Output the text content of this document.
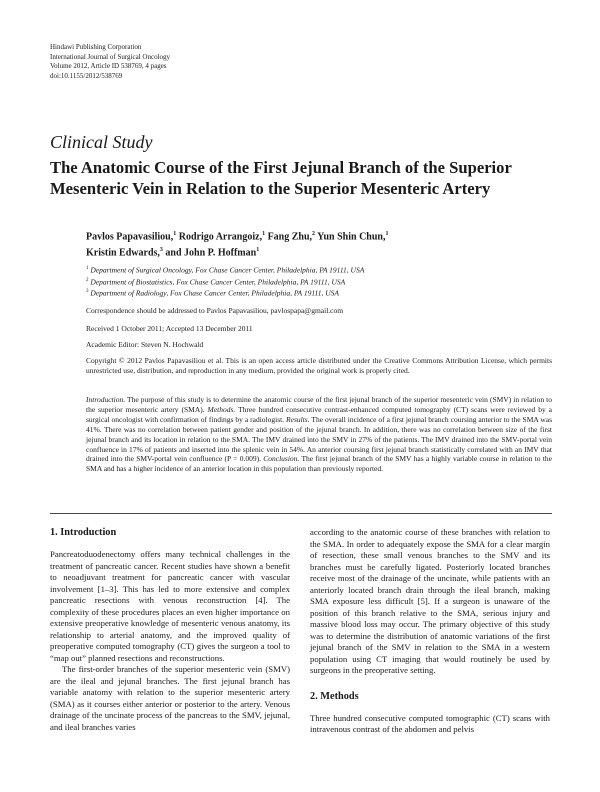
Hindawi Publishing Corporation
International Journal of Surgical Oncology
Volume 2012, Article ID 538769, 4 pages
doi:10.1155/2012/538769
Clinical Study
The Anatomic Course of the First Jejunal Branch of the Superior Mesenteric Vein in Relation to the Superior Mesenteric Artery
Pavlos Papavasiliou,$^1$ Rodrigo Arrangoiz,$^1$ Fang Zhu,$^2$ Yun Shin Chun,$^1$
Kristin Edwards,$^3$ and John P. Hoffman$^1$
$^1$ Department of Surgical Oncology, Fox Chase Cancer Center, Philadelphia, PA 19111, USA
$^2$ Department of Biostatistics, Fox Chase Cancer Center, Philadelphia, PA 19111, USA
$^3$ Department of Radiology, Fox Chase Cancer Center, Philadelphia, PA 19111, USA
Correspondence should be addressed to Pavlos Papavasiliou, pavlospapa@gmail.com
Received 1 October 2011; Accepted 13 December 2011
Academic Editor: Steven N. Hochwald
Copyright © 2012 Pavlos Papavasiliou et al. This is an open access article distributed under the Creative Commons Attribution License, which permits unrestricted use, distribution, and reproduction in any medium, provided the original work is properly cited.
Introduction. The purpose of this study is to determine the anatomic course of the first jejunal branch of the superior mesenteric vein (SMV) in relation to the superior mesenteric artery (SMA). Methods. Three hundred consecutive contrast-enhanced computed tomography (CT) scans were reviewed by a surgical oncologist with confirmation of findings by a radiologist. Results. The overall incidence of a first jejunal branch coursing anterior to the SMA was 41%. There was no correlation between patient gender and position of the jejunal branch. In addition, there was no correlation between size of the first jejunal branch and its location in relation to the SMA. The IMV drained into the SMV in 27% of the patients. The IMV drained into the SMV-portal vein confluence in 17% of patients and inserted into the splenic vein in 54%. An anterior coursing first jejunal branch statistically correlated with an IMV that drained into the SMV-portal vein confluence (P = 0.009). Conclusion. The first jejunal branch of the SMV has a highly variable course in relation to the SMA and has a higher incidence of an anterior location in this population than previously reported.
1. Introduction

Pancreatoduodenectomy offers many technical challenges in the treatment of pancreatic cancer. Recent studies have shown a benefit to neoadjuvant treatment for pancreatic cancer with vascular involvement [1–3]. This has led to more extensive and complex pancreatic resections with venous reconstruction [4]. The complexity of these procedures places an even higher importance on extensive preoperative knowledge of mesenteric venous anatomy, its relationship to arterial anatomy, and the improved quality of preoperative computed tomography (CT) gives the surgeon a tool to “map out” planned resections and reconstructions.

The first-order branches of the superior mesenteric vein (SMV) are the ileal and jejunal branches. The first jejunal branch has variable anatomy with relation to the superior mesenteric artery (SMA) as it courses either anterior or posterior to the artery. Venous drainage of the uncinate process of the pancreas to the SMV, jejunal, and ileal branches varies

according to the anatomic course of these branches with relation to the SMA. In order to adequately expose the SMA for a clear margin of resection, these small venous branches to the SMV and its branches must be carefully ligated. Posteriorly located branches receive most of the drainage of the uncinate, while patients with an anteriorly located branch drain through the ileal branch, making SMA exposure less difficult [5]. If a surgeon is unaware of the position of this branch relative to the SMA, serious injury and massive blood loss may occur. The primary objective of this study was to determine the distribution of anatomic variations of the first jejunal branch of the SMV in relation to the SMA in a western population using CT imaging that would routinely be used by surgeons in the preoperative setting.

2. Methods

Three hundred consecutive computed tomographic (CT) scans with intravenous contrast of the abdomen and pelvis
